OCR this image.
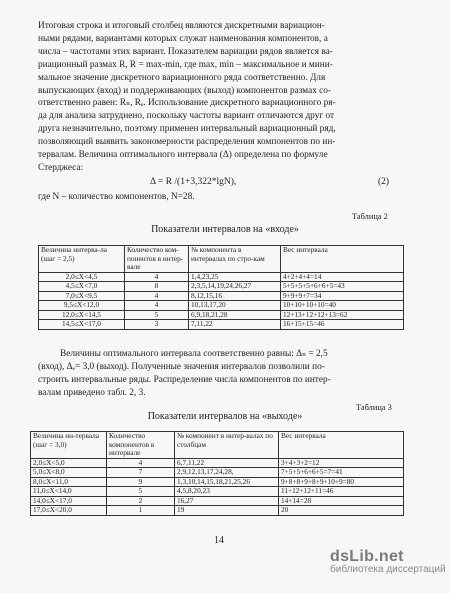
Итоговая строка и итоговый столбец являются дискретными вариацион-
ными рядами, вариантами которых служат наименования компонентов, а
числа – частотами этих вариант. Показателем вариации рядов является ва-
риационный размах R, R = max-min, где max, min – максимальное и мини-
мальное значение дискретного вариационного ряда соответственно. Для
выпускающих (вход) и поддерживающих (выход) компонентов размах со-
ответственно равен: Rₙ, Rₑ. Использование дискретного вариационного ря-
да для анализа затруднено, поскольку частоты вариант отличаются друг от
друга незначительно, поэтому применен интервальный вариационный ряд,
позволяющий выявить закономерности распределения компонентов по ин-
тервалам. Величина оптимального интервала (Δ) определена по формуле
Стерджеса:

Δ = R /(1+3,322*lgN),	(2)
где N – количество компонентов, N=28.
Таблица 2
Показатели интервалов на «входе»
Величина интерва-ла (шаг = 2,5)	Количество ком-понентов в интер-вале	№ компонента в интервалах по стро-кам	Вес интервала
2,0≤X<4,5	4	1,4,23,25	4+2+4+4=14
4,5≤X<7,0	8	2,3,5,14,19,24,26,27	5+5+5+5+6+6+5=43
7,0≤X<9,5	4	8,12,15,16	9+9+9+7=34
9,5≤X<12,0	4	10,13,17,20	10+10+10+10=40
12,0≤X<14,5	5	6,9,18,21,28	12+13+12+12+13=62
14,5≤X<17,0	3	7,11,22	16+15+15=46

Величины оптимального интервала соответственно равны: Δₙ = 2,5
(вход), Δₑ= 3,0 (выход). Полученные значения интервалов позволили по-
строить интервальные ряды. Распределение числа компонентов по интер-
валам приведено табл. 2, 3.

Таблица 3
Показатели интервалов на «выходе»
Величина ин-тервала (шаг = 3,0)	Количество компонентов в интервале	№ компонент в интер-валах по столбцам	Вес интервала
2,0≤X<5,0	4	6,7,11,22	3+4+3+2=12
5,0≤X<8,0	7	2,9,12,13,17,24,28,	7+5+5+6+6+5=7=41
8,0≤X<11,0	9	1,3,10,14,15,18,21,25,26	9+8+8+9+8+9+10+9=80
11,0≤X<14,0	5	4,5,8,20,23	11+12+12+11=46
14,0≤X<17,0	2	16,27	14+14=28
17,0≤X<20,0	1	19	20
14
dsLib.net
библиотека диссертаций
